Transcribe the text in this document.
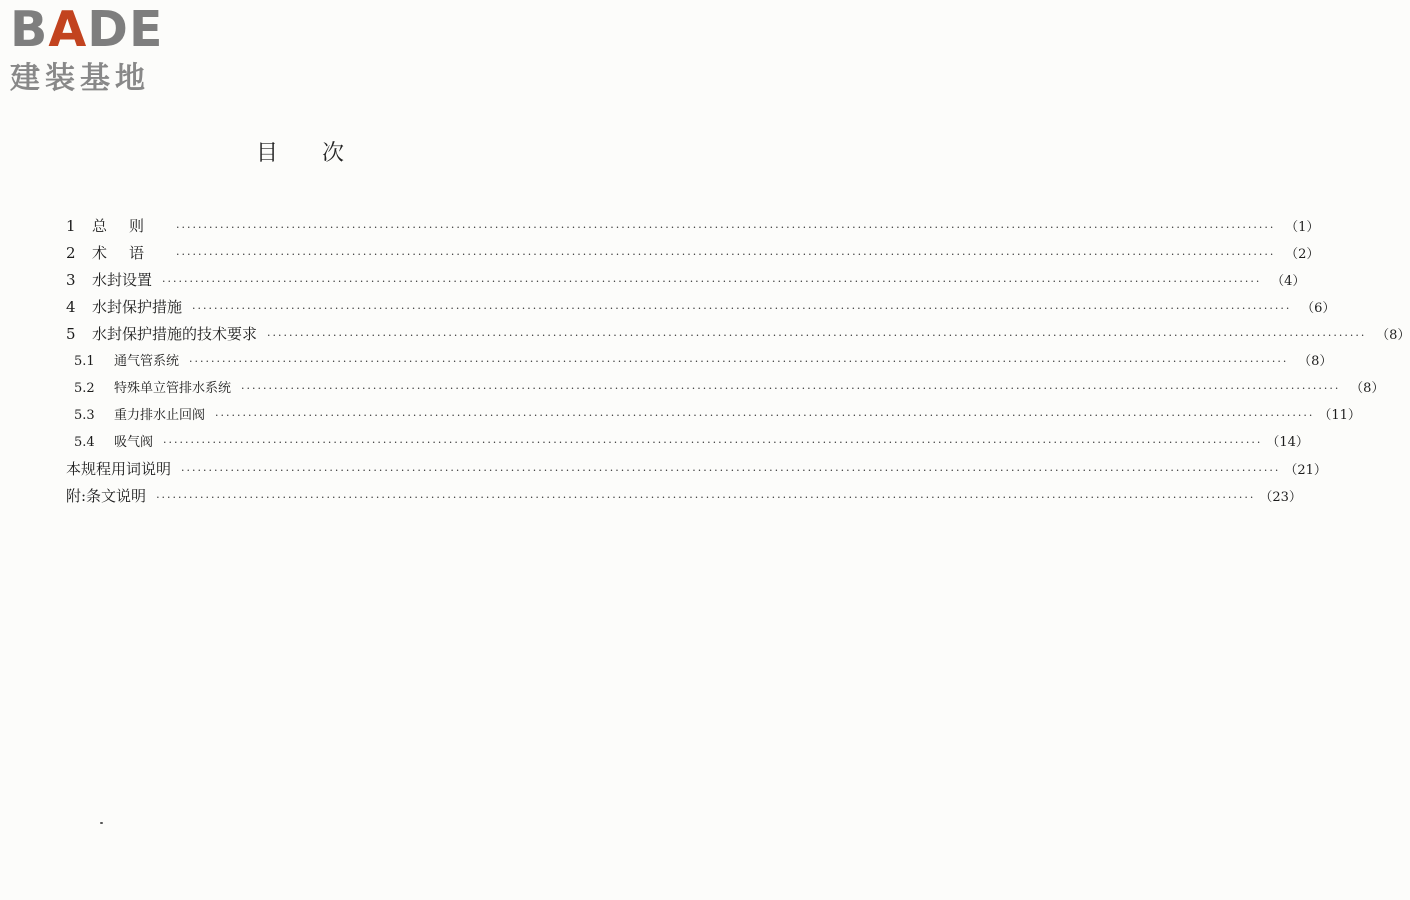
BADE
建装基地
目次
1	总则 ········································································································································································································ （1）
2	术语 ········································································································································································································ （2）
3	水封设置 ········································································································································································································ （4）
4	水封保护措施 ········································································································································································································ （6）
5	水封保护措施的技术要求 ········································································································································································································ （8）
5.1	通气管系统 ········································································································································································································ （8）
5.2	特殊单立管排水系统 ········································································································································································································ （8）
5.3	重力排水止回阀 ········································································································································································································ （11）
5.4	吸气阀 ········································································································································································································ （14）
本规程用词说明 ········································································································································································································ （21）
附:条文说明 ········································································································································································································ （23）
